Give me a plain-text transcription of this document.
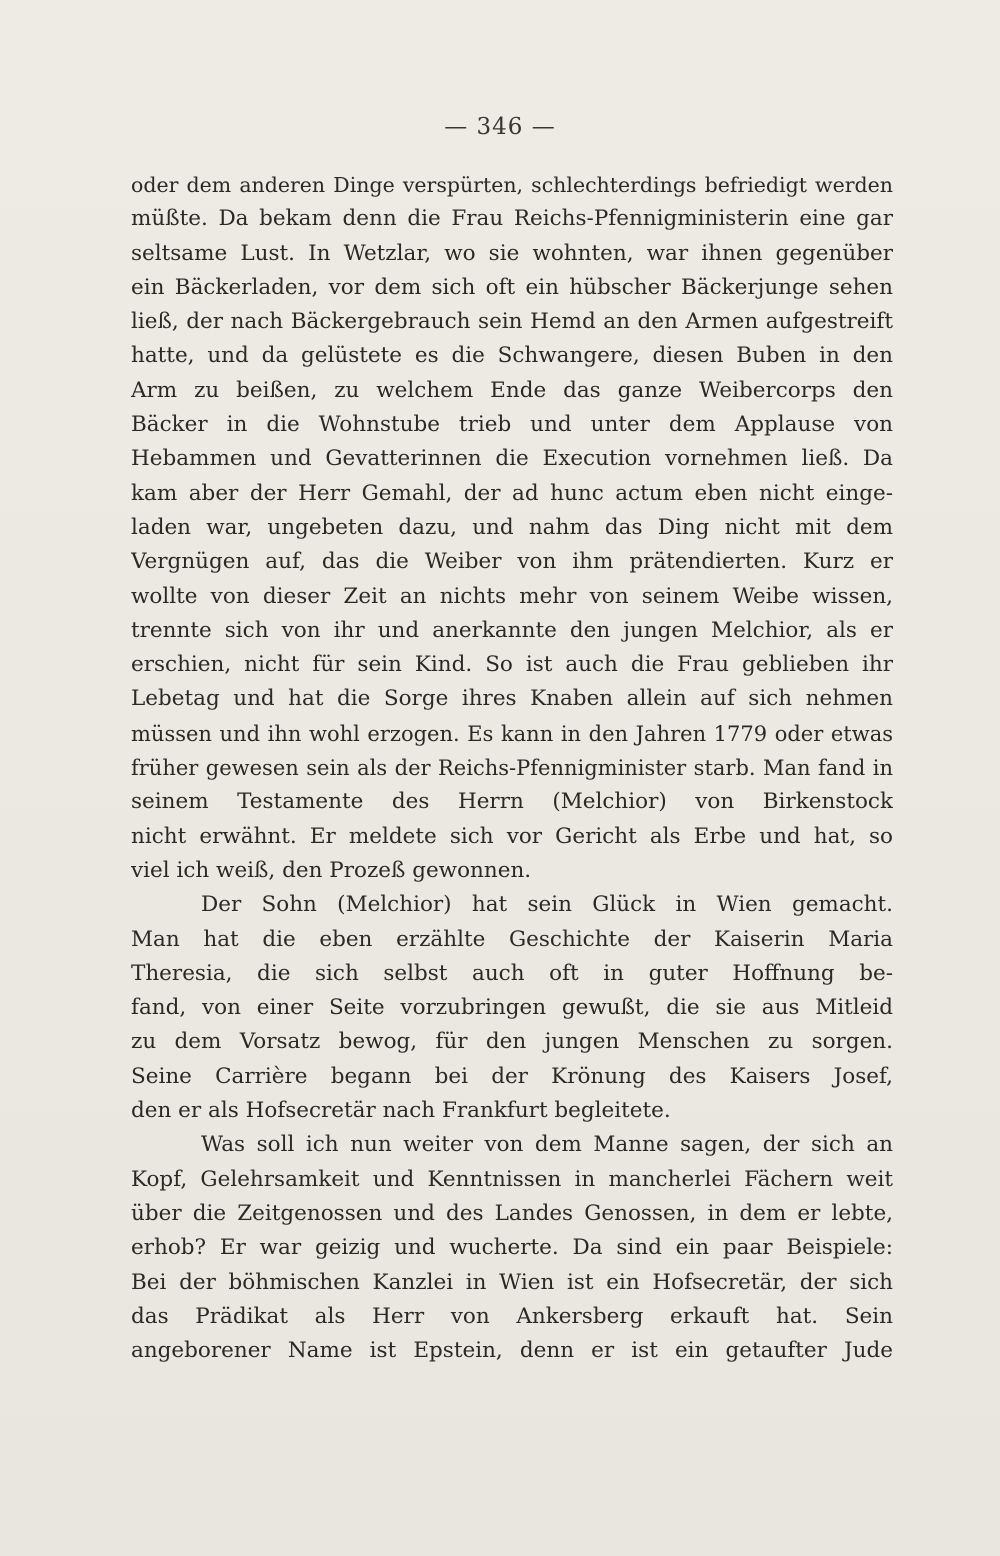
— 346 —
oder dem anderen Dinge verspürten, schlechterdings befriedigt werden
müßte. Da bekam denn die Frau Reichs-Pfennigministerin eine gar
seltsame Lust. In Wetzlar, wo sie wohnten, war ihnen gegenüber
ein Bäckerladen, vor dem sich oft ein hübscher Bäckerjunge sehen
ließ, der nach Bäckergebrauch sein Hemd an den Armen aufgestreift
hatte, und da gelüstete es die Schwangere, diesen Buben in den
Arm zu beißen, zu welchem Ende das ganze Weibercorps den
Bäcker in die Wohnstube trieb und unter dem Applause von
Hebammen und Gevatterinnen die Execution vornehmen ließ. Da
kam aber der Herr Gemahl, der ad hunc actum eben nicht einge-
laden war, ungebeten dazu, und nahm das Ding nicht mit dem
Vergnügen auf, das die Weiber von ihm prätendierten. Kurz er
wollte von dieser Zeit an nichts mehr von seinem Weibe wissen,
trennte sich von ihr und anerkannte den jungen Melchior, als er
erschien, nicht für sein Kind. So ist auch die Frau geblieben ihr
Lebetag und hat die Sorge ihres Knaben allein auf sich nehmen
müssen und ihn wohl erzogen. Es kann in den Jahren 1779 oder etwas
früher gewesen sein als der Reichs-Pfennigminister starb. Man fand in
seinem Testamente des Herrn (Melchior) von Birkenstock
nicht erwähnt. Er meldete sich vor Gericht als Erbe und hat, so
viel ich weiß, den Prozeß gewonnen.
Der Sohn (Melchior) hat sein Glück in Wien gemacht.
Man hat die eben erzählte Geschichte der Kaiserin Maria
Theresia, die sich selbst auch oft in guter Hoffnung be-
fand, von einer Seite vorzubringen gewußt, die sie aus Mitleid
zu dem Vorsatz bewog, für den jungen Menschen zu sorgen.
Seine Carrière begann bei der Krönung des Kaisers Josef,
den er als Hofsecretär nach Frankfurt begleitete.
Was soll ich nun weiter von dem Manne sagen, der sich an
Kopf, Gelehrsamkeit und Kenntnissen in mancherlei Fächern weit
über die Zeitgenossen und des Landes Genossen, in dem er lebte,
erhob? Er war geizig und wucherte. Da sind ein paar Beispiele:
Bei der böhmischen Kanzlei in Wien ist ein Hofsecretär, der sich
das Prädikat als Herr von Ankersberg erkauft hat. Sein
angeborener Name ist Epstein, denn er ist ein getaufter Jude
